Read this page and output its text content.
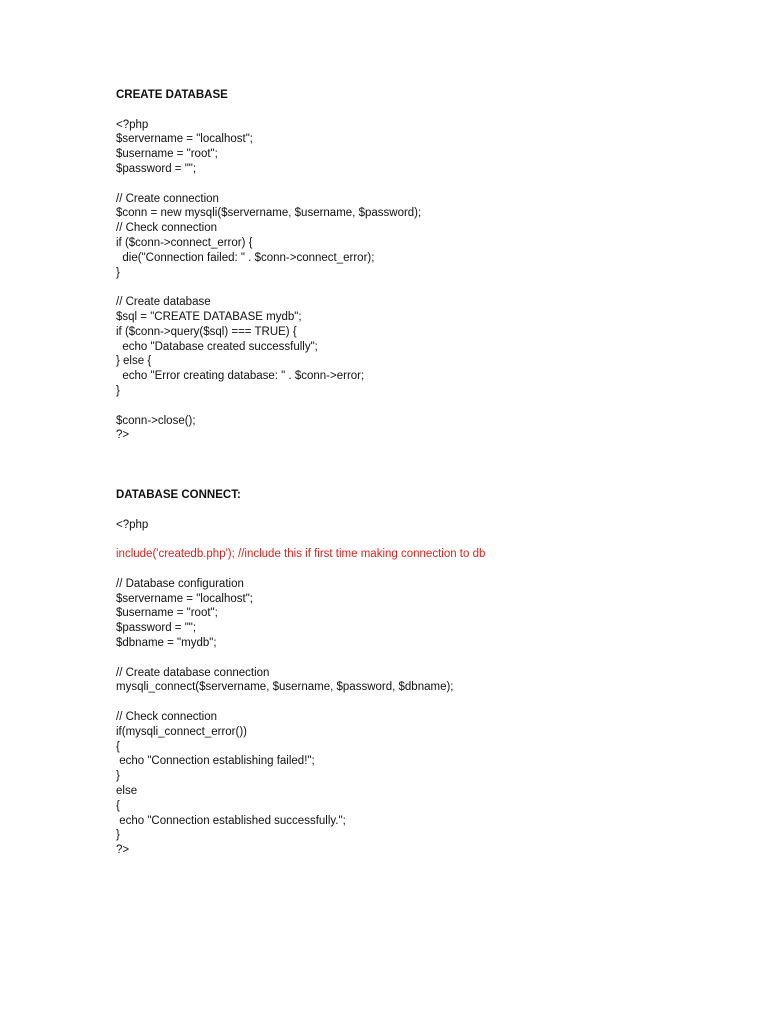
CREATE DATABASE
<?php
$servername = "localhost";
$username = "root";
$password = "";
// Create connection
$conn = new mysqli($servername, $username, $password);
// Check connection
if ($conn->connect_error) {
die("Connection failed: " . $conn->connect_error);
}
// Create database
$sql = "CREATE DATABASE mydb";
if ($conn->query($sql) === TRUE) {
echo "Database created successfully";
} else {
echo "Error creating database: " . $conn->error;
}
$conn->close();
?>
DATABASE CONNECT:
<?php
include('createdb.php'); //include this if first time making connection to db
// Database configuration
$servername = "localhost";
$username = "root";
$password = "";
$dbname = "mydb";
// Create database connection
mysqli_connect($servername, $username, $password, $dbname);
// Check connection
if(mysqli_connect_error())
{
echo "Connection establishing failed!";
}
else
{
echo "Connection established successfully.";
}
?>
